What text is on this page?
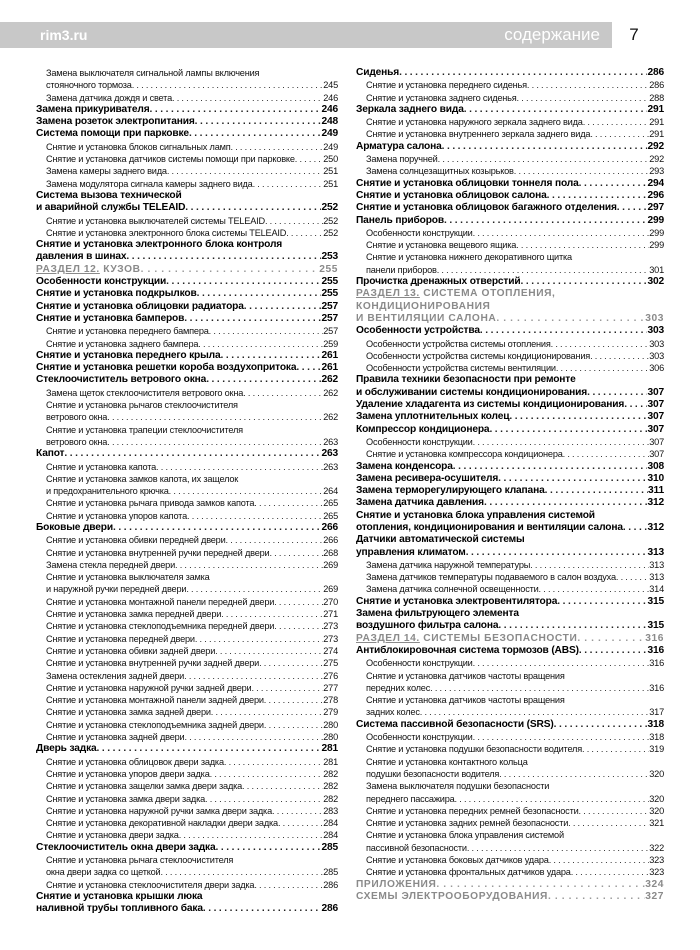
rim3.ru	содержание	7
Замена выключателя сигнальной лампы включения
стояночного тормоза . . .	245
Замена датчика дождя и света . . .	246
Замена прикуривателя . . .	246
Замена розеток электропитания . . .	248
Система помощи при парковке . . .	249
Снятие и установка блоков сигнальных ламп . . .	249
Снятие и установка датчиков системы помощи при парковке . . .	250
Замена камеры заднего вида . . .	251
Замена модулятора сигнала камеры заднего вида . . .	251
Система вызова технической
и аварийной службы TELEAID . . .	252
Снятие и установка выключателей системы TELEAID . . .	252
Снятие и установка электронного блока системы TELEAID . . .	252
Снятие и установка электронного блока контроля
давления в шинах . . .	253
РАЗДЕЛ 12. КУЗОВ . . .	255
Особенности конструкции . . .	255
Снятие и установка подкрылков . . .	255
Снятие и установка облицовки радиатора . . .	257
Снятие и установка бамперов . . .	257
Снятие и установка переднего бампера . . .	257
Снятие и установка заднего бампера . . .	259
Снятие и установка переднего крыла . . .	261
Снятие и установка решетки короба воздухопритока . . . 261
Стеклоочиститель ветрового окна . . .	262
Замена щеток стеклоочистителя ветрового окна . . .	262
Снятие и установка рычагов стеклоочистителя
ветрового окна . . .	262
Снятие и установка трапеции стеклоочистителя
ветрового окна . . .	263
Капот . . .	263
Снятие и установка капота . . .	263
Снятие и установка замков капота, их защелок
и предохранительного крючка . . .	264
Снятие и установка рычага привода замков капота . . .	265
Снятие и установка упоров капота . . .	265
Боковые двери . . .	266
Снятие и установка обивки передней двери . . .	266
Снятие и установка внутренней ручки передней двери . . .	268
Замена стекла передней двери . . .	269
Снятие и установка выключателя замка
и наружной ручки передней двери . . .	269
Снятие и установка монтажной панели передней двери . . .	270
Снятие и установка замка передней двери . . .	271
Снятие и установка стеклоподъемника передней двери . . .	273
Снятие и установка передней двери . . .	273
Снятие и установка обивки задней двери . . .	274
Снятие и установка внутренней ручки задней двери . . .	275
Замена остекления задней двери . . .	276
Снятие и установка наружной ручки задней двери . . .	277
Снятие и установка монтажной панели задней двери . . .	278
Снятие и установка замка задней двери . . .	279
Снятие и установка стеклоподъемника задней двери . . .	280
Снятие и установка задней двери . . .	280
Дверь задка . . .	281
Снятие и установка облицовок двери задка . . .	281
Снятие и установка упоров двери задка . . .	282
Снятие и установка защелки замка двери задка . . .	282
Снятие и установка замка двери задка . . .	282
Снятие и установка наружной ручки замка двери задка . . .	283
Снятие и установка декоративной накладки двери задка . . .	284
Снятие и установка двери задка . . .	284
Стеклоочиститель окна двери задка . . .	285
Снятие и установка рычага стеклоочистителя
окна двери задка со щеткой . . .	285
Снятие и установка стеклоочистителя двери задка . . .	286
Снятие и установка крышки люка
наливной трубы топливного бака . . .	286
Сиденья . . .	286
Снятие и установка переднего сиденья . . .	286
Снятие и установка заднего сиденья . . .	288
Зеркала заднего вида . . .	291
Снятие и установка наружного зеркала заднего вида . . .	291
Снятие и установка внутреннего зеркала заднего вида . . .	291
Арматура салона . . .	292
Замена поручней . . .	292
Замена солнцезащитных козырьков . . .	293
Снятие и установка облицовки тоннеля пола . . .	294
Снятие и установка облицовок салона . . .	296
Снятие и установка облицовок багажного отделения . . .	297
Панель приборов . . .	299
Особенности конструкции . . .	299
Снятие и установка вещевого ящика . . .	299
Снятие и установка нижнего декоративного щитка
панели приборов . . .	301
Прочистка дренажных отверстий . . .	302
РАЗДЕЛ 13. СИСТЕМА ОТОПЛЕНИЯ,
КОНДИЦИОНИРОВАНИЯ
И ВЕНТИЛЯЦИИ САЛОНА . . .	303
Особенности устройства . . .	303
Особенности устройства системы отопления . . .	303
Особенности устройства системы кондиционирования . . .	303
Особенности устройства системы вентиляции . . .	306
Правила техники безопасности при ремонте
и обслуживании системы кондиционирования . . .	307
Удаление хладагента из системы кондиционирования . . . 307
Замена уплотнительных колец . . .	307
Компрессор кондиционера . . .	307
Особенности конструкции . . .	307
Снятие и установка компрессора кондиционера . . .	307
Замена конденсора . . .	308
Замена ресивера-осушителя . . .	310
Замена терморегулирующего клапана . . .	311
Замена датчика давления . . .	312
Снятие и установка блока управления системой
отопления, кондиционирования и вентиляции салона . . . 312
Датчики автоматической системы
управления климатом . . .	313
Замена датчика наружной температуры . . .	313
Замена датчиков температуры подаваемого в салон воздуха . . .	313
Замена датчика солнечной освещенности . . .	314
Снятие и установка электровентилятора . . .	315
Замена фильтрующего элемента
воздушного фильтра салона . . .	315
РАЗДЕЛ 14. СИСТЕМЫ БЕЗОПАСНОСТИ . . .	316
Антиблокировочная система тормозов (ABS) . . .	316
Особенности конструкции . . .	316
Снятие и установка датчиков частоты вращения
передних колес . . .	316
Снятие и установка датчиков частоты вращения
задних колес . . .	317
Система пассивной безопасности (SRS) . . .	318
Особенности конструкции . . .	318
Снятие и установка подушки безопасности водителя . . .	319
Снятие и установка контактного кольца
подушки безопасности водителя . . .	320
Замена выключателя подушки безопасности
переднего пассажира . . .	320
Снятие и установка передних ремней безопасности . . .	320
Снятие и установка задних ремней безопасности . . .	321
Снятие и установка блока управления системой
пассивной безопасности . . .	322
Снятие и установка боковых датчиков удара . . .	323
Снятие и установка фронтальных датчиков удара . . .	323
ПРИЛОЖЕНИЯ . . .	324
СХЕМЫ ЭЛЕКТРООБОРУДОВАНИЯ . . .	327
